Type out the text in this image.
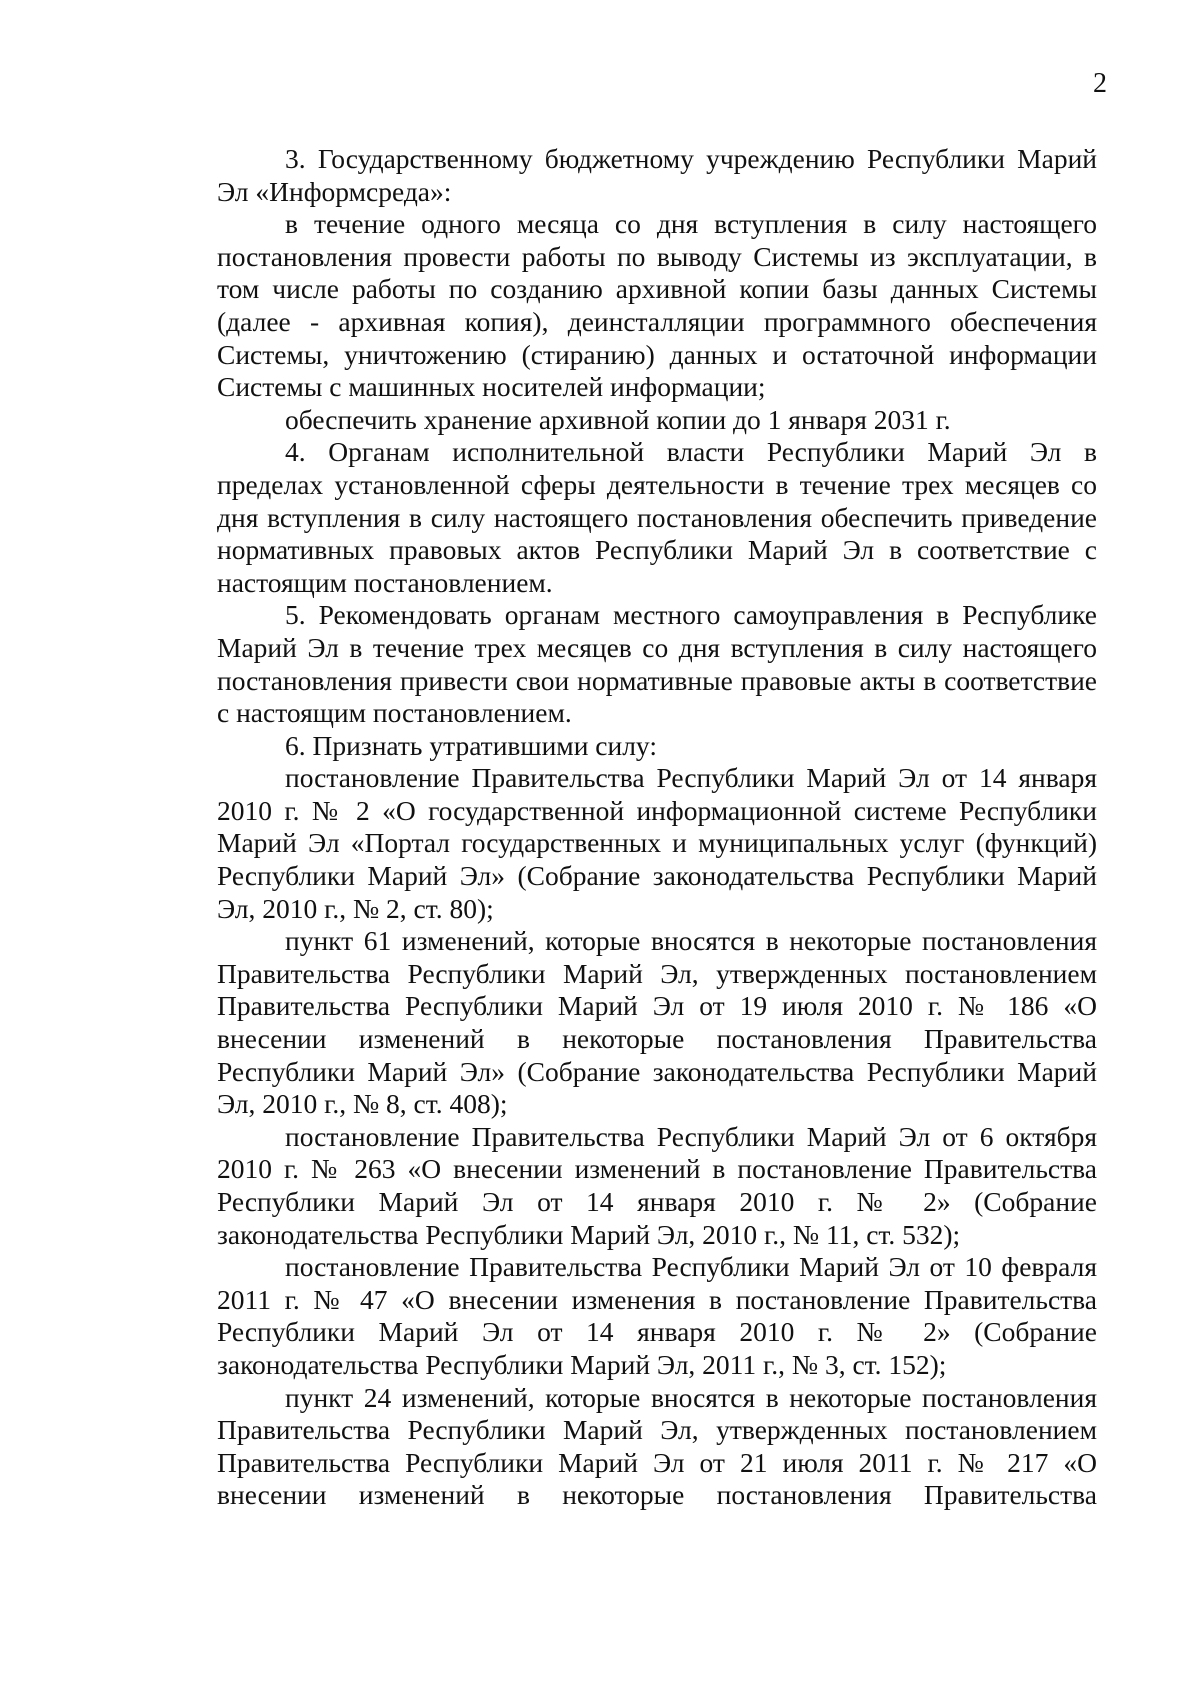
2

3. Государственному бюджетному учреждению Республики Марий Эл «Информсреда»:

в течение одного месяца со дня вступления в силу настоящего постановления провести работы по выводу Системы из эксплуатации, в том числе работы по созданию архивной копии базы данных Системы (далее - архивная копия), деинсталляции программного обеспечения Системы, уничтожению (стиранию) данных и остаточной информации Системы с машинных носителей информации;

обеспечить хранение архивной копии до 1 января 2031 г.

4. Органам исполнительной власти Республики Марий Эл в пределах установленной сферы деятельности в течение трех месяцев со дня вступления в силу настоящего постановления обеспечить приведение нормативных правовых актов Республики Марий Эл в соответствие с настоящим постановлением.

5. Рекомендовать органам местного самоуправления в Республике Марий Эл в течение трех месяцев со дня вступления в силу настоящего постановления привести свои нормативные правовые акты в соответствие с настоящим постановлением.

6. Признать утратившими силу:

постановление Правительства Республики Марий Эл от 14 января 2010 г. № 2 «О государственной информационной системе Республики Марий Эл «Портал государственных и муниципальных услуг (функций) Республики Марий Эл» (Собрание законодательства Республики Марий Эл, 2010 г., № 2, ст. 80);

пункт 61 изменений, которые вносятся в некоторые постановления Правительства Республики Марий Эл, утвержденных постановлением Правительства Республики Марий Эл от 19 июля 2010 г. № 186 «О внесении изменений в некоторые постановления Правительства Республики Марий Эл» (Собрание законодательства Республики Марий Эл, 2010 г., № 8, ст. 408);

постановление Правительства Республики Марий Эл от 6 октября 2010 г. № 263 «О внесении изменений в постановление Правительства Республики Марий Эл от 14 января 2010 г. № 2» (Собрание законодательства Республики Марий Эл, 2010 г., № 11, ст. 532);

постановление Правительства Республики Марий Эл от 10 февраля 2011 г. № 47 «О внесении изменения в постановление Правительства Республики Марий Эл от 14 января 2010 г. № 2» (Собрание законодательства Республики Марий Эл, 2011 г., № 3, ст. 152);

пункт 24 изменений, которые вносятся в некоторые постановления Правительства Республики Марий Эл, утвержденных постановлением Правительства Республики Марий Эл от 21 июля 2011 г. № 217 «О внесении изменений в некоторые постановления Правительства
